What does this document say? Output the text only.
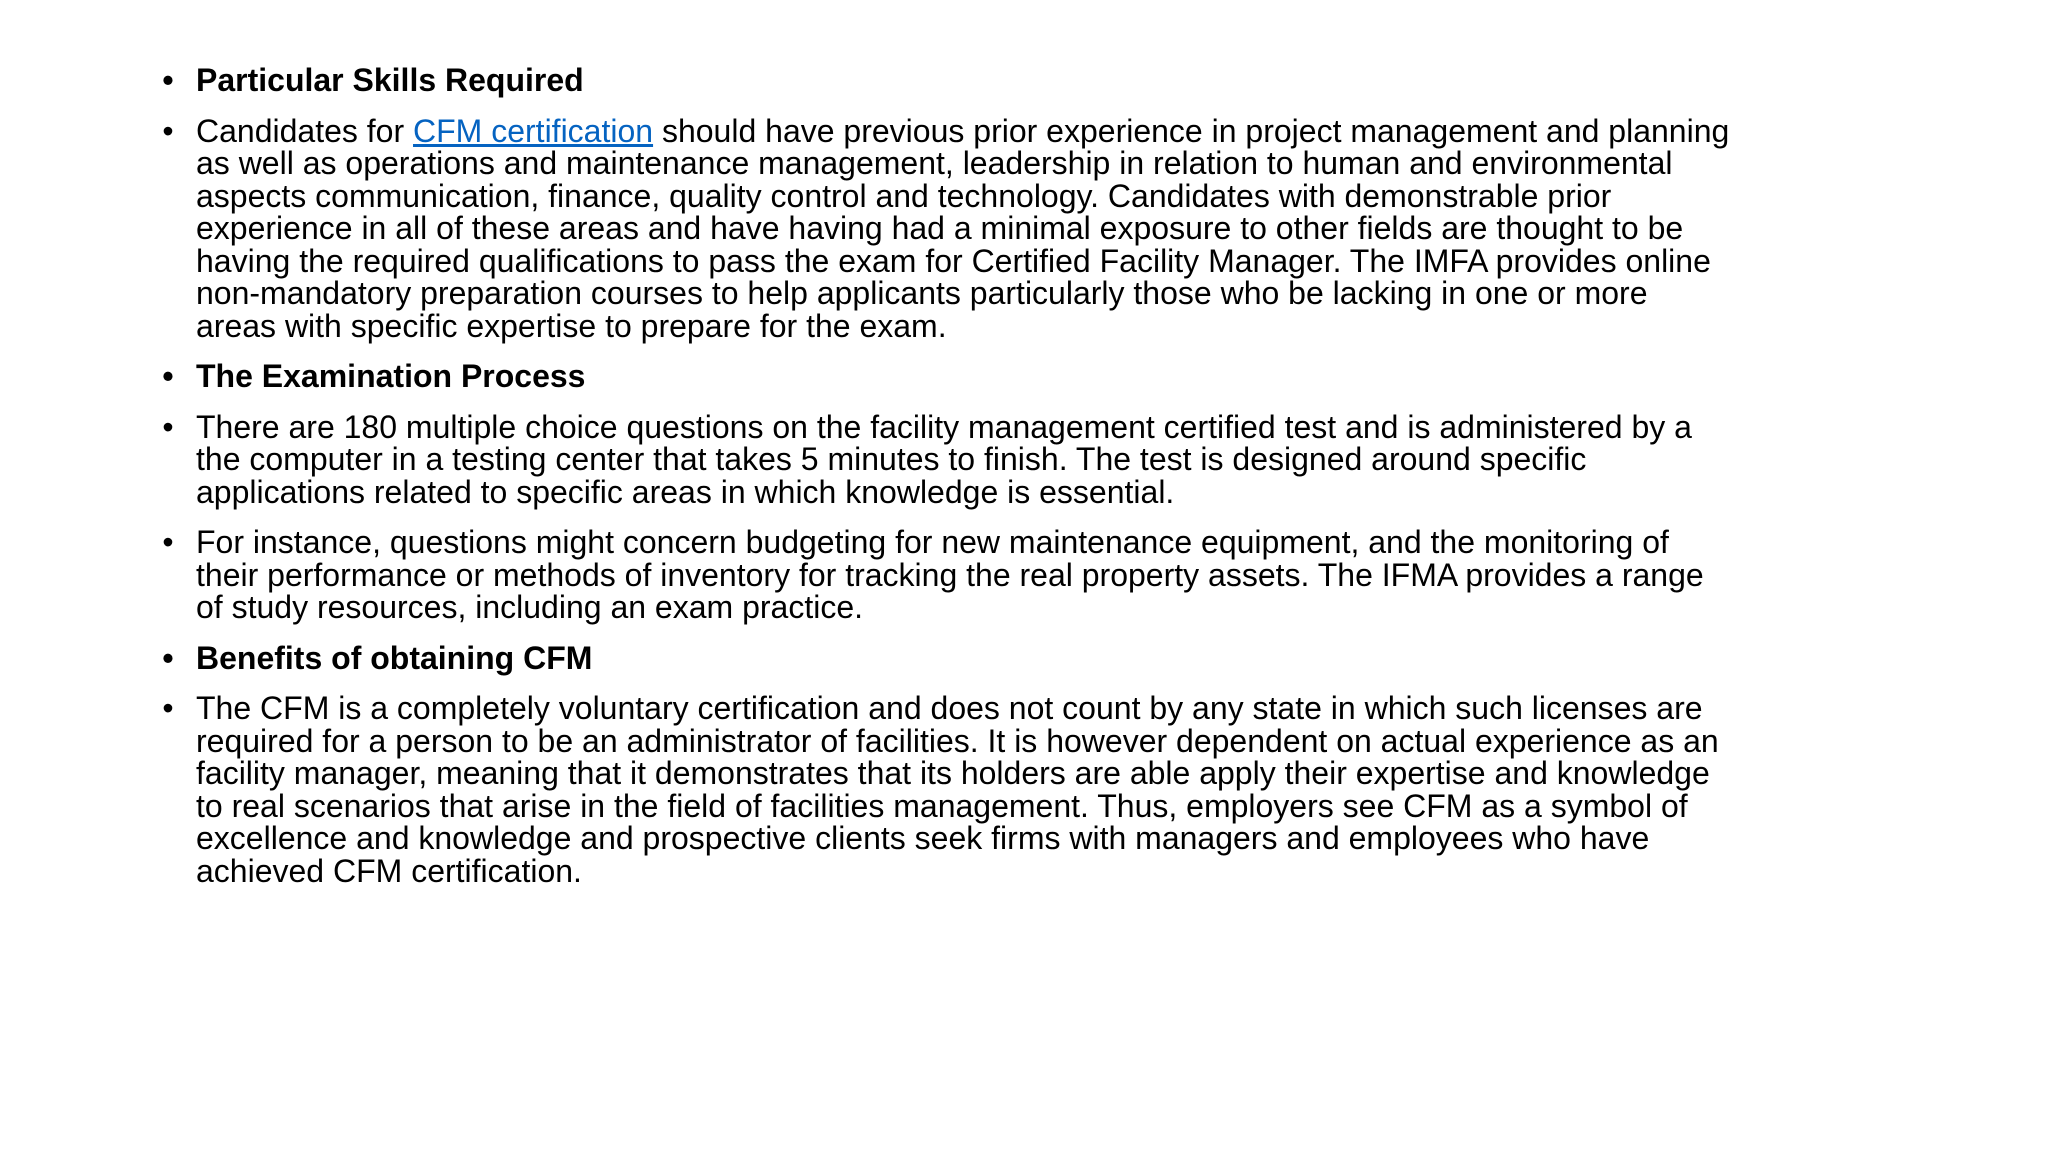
• Particular Skills Required
• Candidates for CFM certification should have previous prior experience in project management and planning
as well as operations and maintenance management, leadership in relation to human and environmental
aspects communication, finance, quality control and technology. Candidates with demonstrable prior
experience in all of these areas and have having had a minimal exposure to other fields are thought to be
having the required qualifications to pass the exam for Certified Facility Manager. The IMFA provides online
non-mandatory preparation courses to help applicants particularly those who be lacking in one or more
areas with specific expertise to prepare for the exam.
• The Examination Process
• There are 180 multiple choice questions on the facility management certified test and is administered by a
the computer in a testing center that takes 5 minutes to finish. The test is designed around specific
applications related to specific areas in which knowledge is essential.
• For instance, questions might concern budgeting for new maintenance equipment, and the monitoring of
their performance or methods of inventory for tracking the real property assets. The IFMA provides a range
of study resources, including an exam practice.
• Benefits of obtaining CFM
• The CFM is a completely voluntary certification and does not count by any state in which such licenses are
required for a person to be an administrator of facilities. It is however dependent on actual experience as an
facility manager, meaning that it demonstrates that its holders are able apply their expertise and knowledge
to real scenarios that arise in the field of facilities management. Thus, employers see CFM as a symbol of
excellence and knowledge and prospective clients seek firms with managers and employees who have
achieved CFM certification.
